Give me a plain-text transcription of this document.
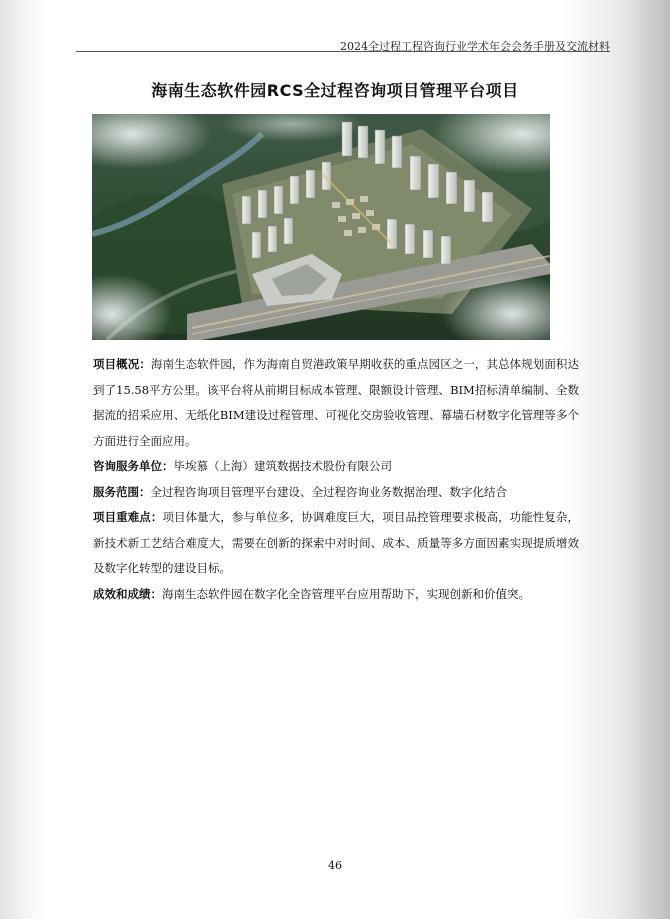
2024全过程工程咨询行业学术年会会务手册及交流材料
海南生态软件园RCS全过程咨询项目管理平台项目

项目概况：海南生态软件园，作为海南自贸港政策早期收获的重点园区之一，其总体规划面积达到了15.58平方公里。该平台将从前期目标成本管理、限额设计管理、BIM招标清单编制、全数据流的招采应用、无纸化BIM建设过程管理、可视化交房验收管理、幕墙石材数字化管理等多个方面进行全面应用。

咨询服务单位：毕埃慕（上海）建筑数据技术股份有限公司

服务范围：全过程咨询项目管理平台建设、全过程咨询业务数据治理、数字化结合

项目重难点：项目体量大，参与单位多，协调难度巨大，项目品控管理要求极高，功能性复杂，新技术新工艺结合难度大，需要在创新的探索中对时间、成本、质量等多方面因素实现提质增效及数字化转型的建设目标。

成效和成绩：海南生态软件园在数字化全咨管理平台应用帮助下，实现创新和价值突。

46
